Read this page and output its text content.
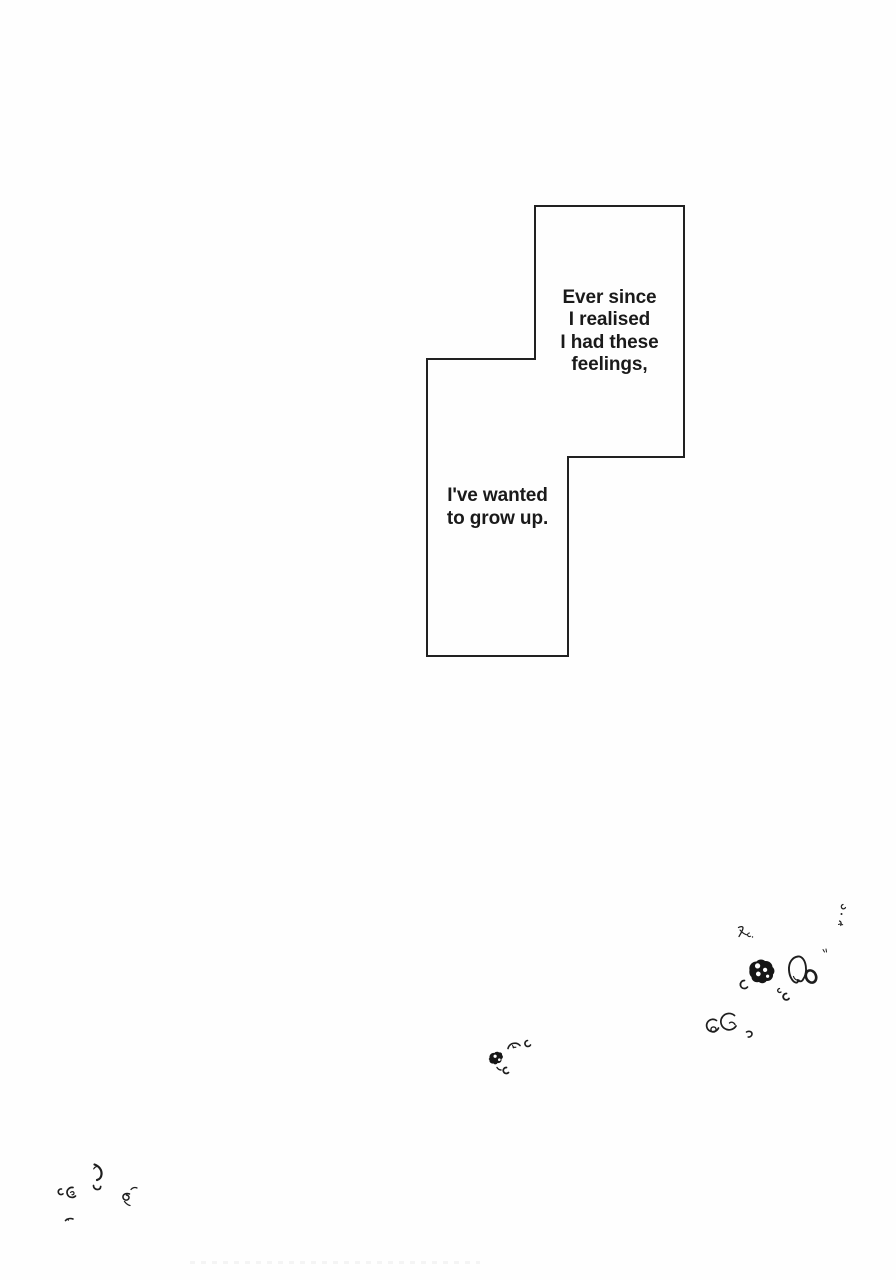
Ever since
I realised
I had these
feelings,
I've wanted
to grow up.
